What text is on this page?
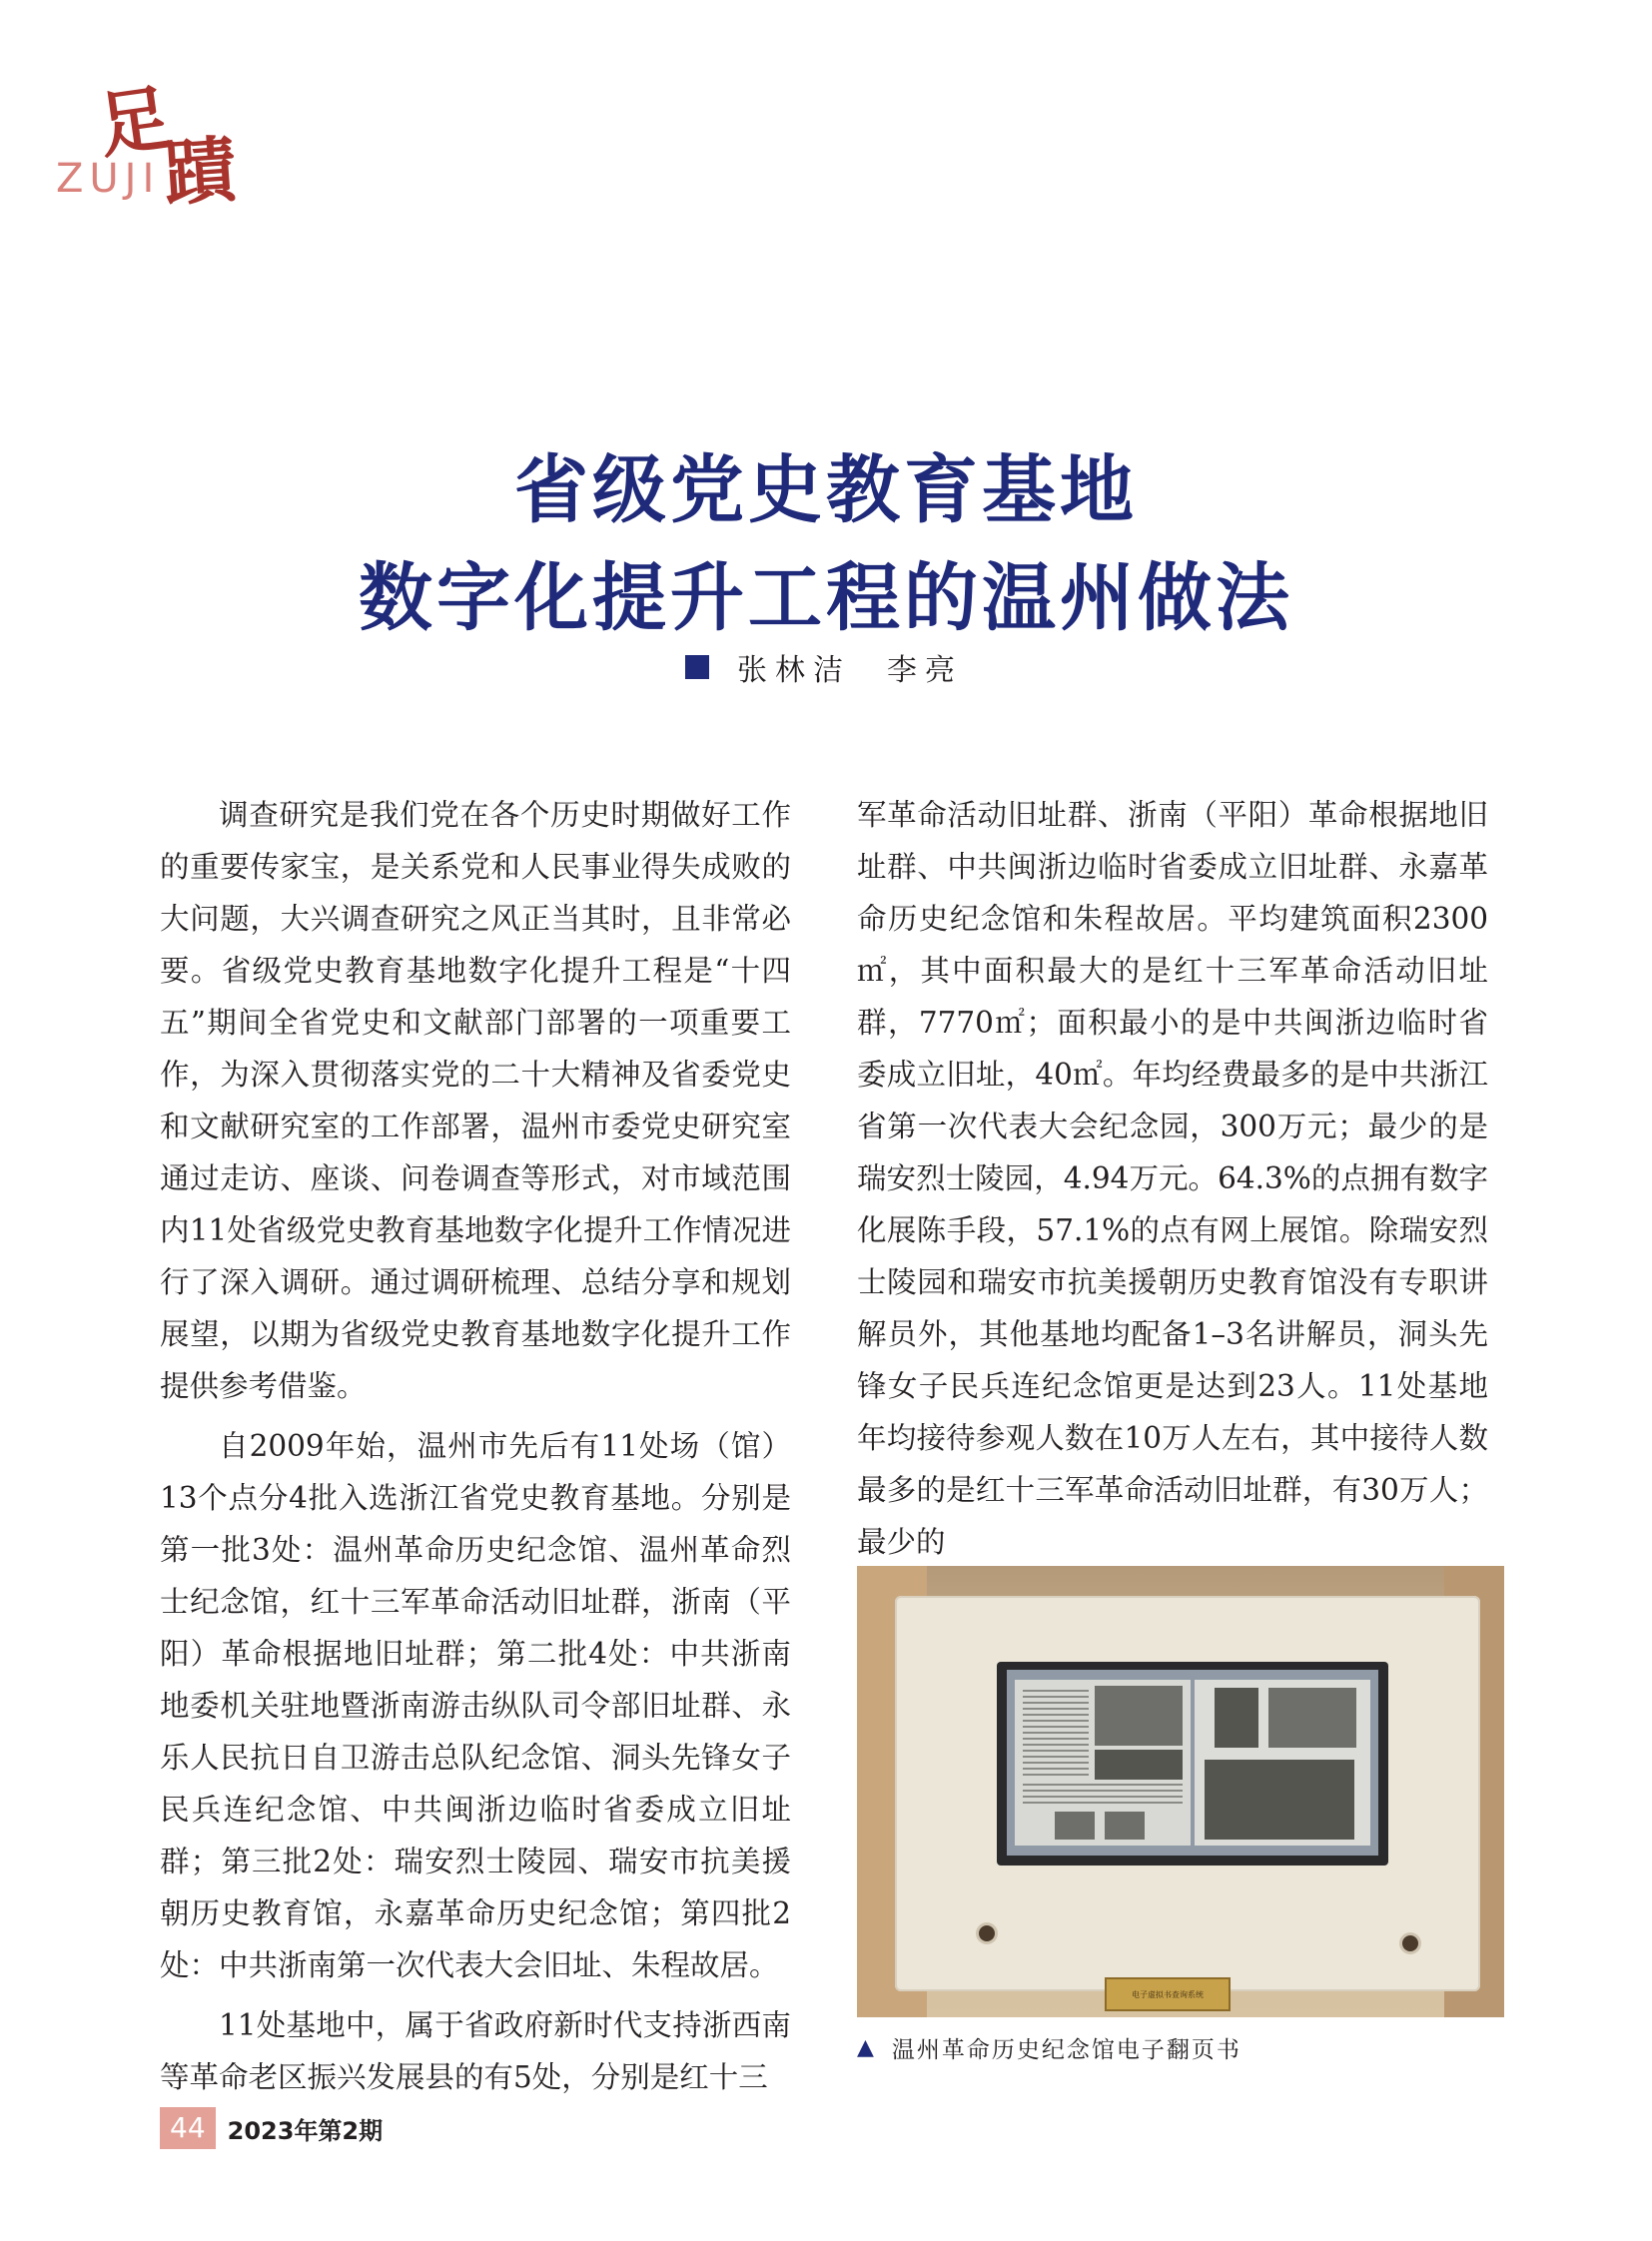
足
蹟
ZUJI
省级党史教育基地
数字化提升工程的温州做法
张林洁 李亮

调查研究是我们党在各个历史时期做好工作的重要传家宝，是关系党和人民事业得失成败的大问题，大兴调查研究之风正当其时，且非常必要。省级党史教育基地数字化提升工程是“十四五”期间全省党史和文献部门部署的一项重要工作，为深入贯彻落实党的二十大精神及省委党史和文献研究室的工作部署，温州市委党史研究室通过走访、座谈、问卷调查等形式，对市域范围内11处省级党史教育基地数字化提升工作情况进行了深入调研。通过调研梳理、总结分享和规划展望，以期为省级党史教育基地数字化提升工作提供参考借鉴。

自2009年始，温州市先后有11处场（馆）13个点分4批入选浙江省党史教育基地。分别是第一批3处：温州革命历史纪念馆、温州革命烈士纪念馆，红十三军革命活动旧址群，浙南（平阳）革命根据地旧址群；第二批4处：中共浙南地委机关驻地暨浙南游击纵队司令部旧址群、永乐人民抗日自卫游击总队纪念馆、洞头先锋女子民兵连纪念馆、中共闽浙边临时省委成立旧址群；第三批2处：瑞安烈士陵园、瑞安市抗美援朝历史教育馆，永嘉革命历史纪念馆；第四批2处：中共浙南第一次代表大会旧址、朱程故居。

11处基地中，属于省政府新时代支持浙西南等革命老区振兴发展县的有5处，分别是红十三

军革命活动旧址群、浙南（平阳）革命根据地旧址群、中共闽浙边临时省委成立旧址群、永嘉革命历史纪念馆和朱程故居。平均建筑面积2300㎡，其中面积最大的是红十三军革命活动旧址群，7770㎡；面积最小的是中共闽浙边临时省委成立旧址，40㎡。年均经费最多的是中共浙江省第一次代表大会纪念园，300万元；最少的是瑞安烈士陵园，4.94万元。64.3%的点拥有数字化展陈手段，57.1%的点有网上展馆。除瑞安烈士陵园和瑞安市抗美援朝历史教育馆没有专职讲解员外，其他基地均配备1–3名讲解员，洞头先锋女子民兵连纪念馆更是达到23人。11处基地年均接待参观人数在10万人左右，其中接待人数最多的是红十三军革命活动旧址群，有30万人；最少的

电子虚拟书查询系统
▲ 温州革命历史纪念馆电子翻页书
44 2023年第2期
